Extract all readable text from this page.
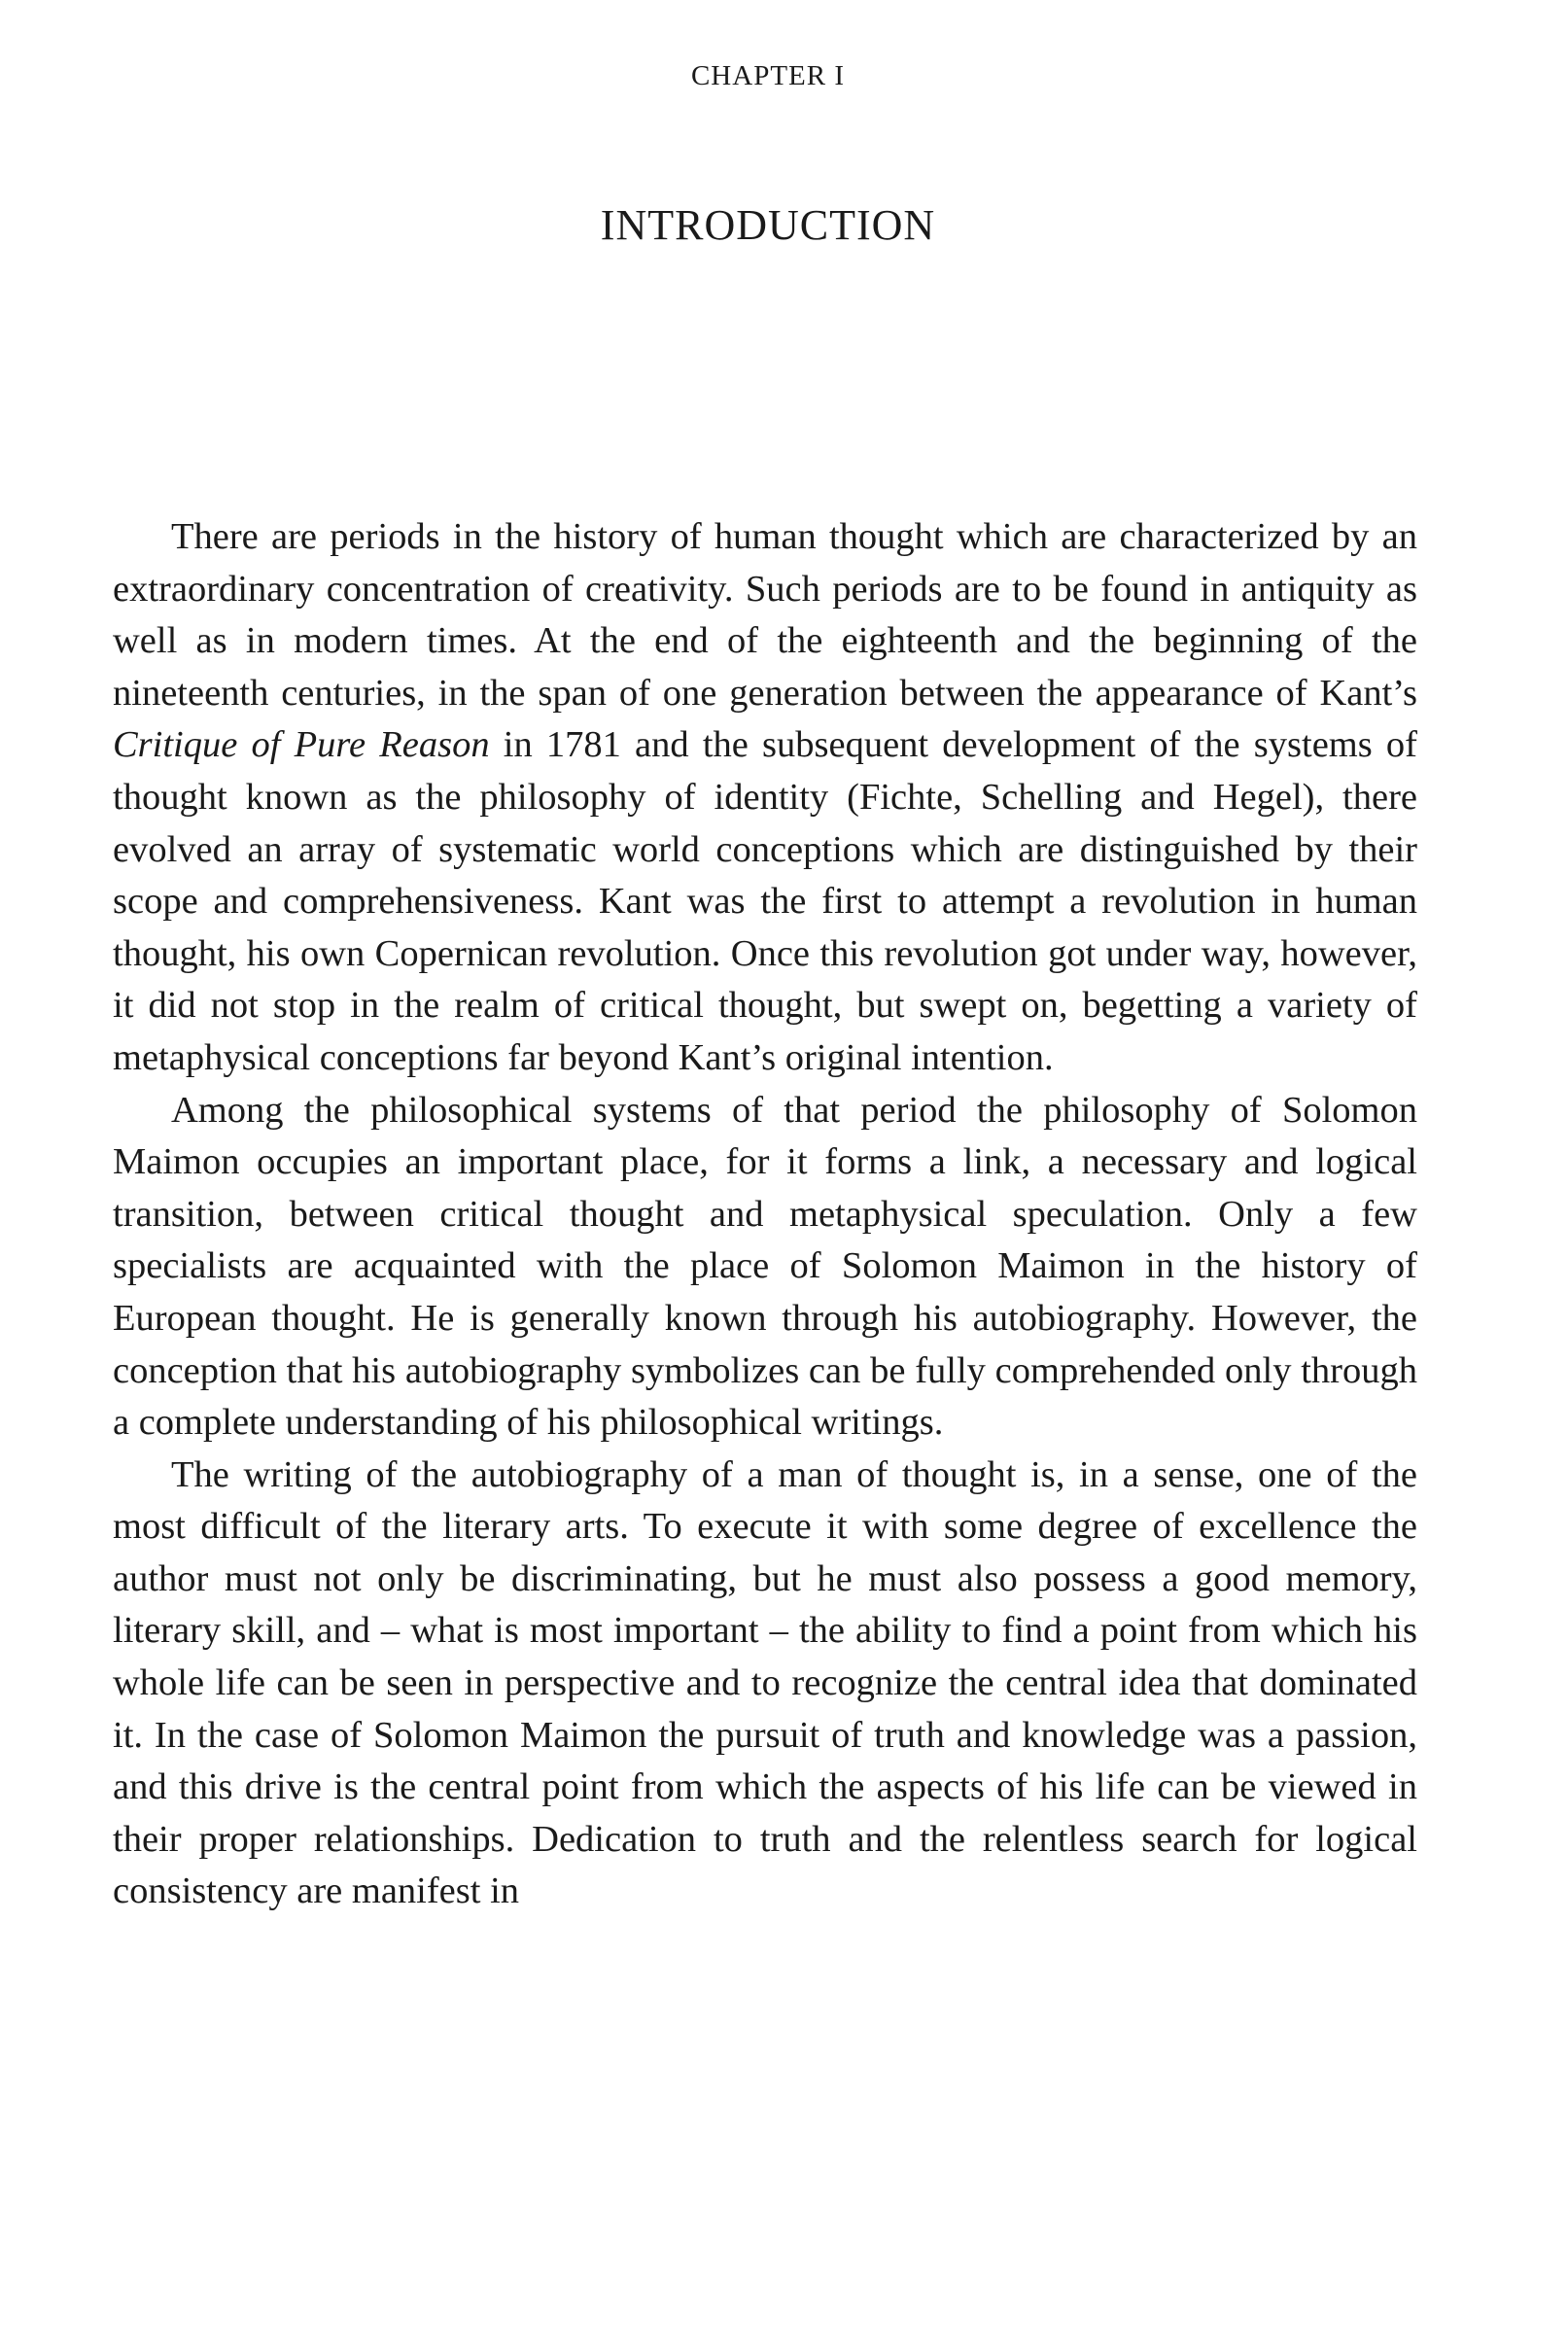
CHAPTER I
INTRODUCTION

There are periods in the history of human thought which are characterized by an extraordinary concentration of creativity. Such periods are to be found in antiquity as well as in modern times. At the end of the eighteenth and the beginning of the nineteenth centuries, in the span of one generation between the appearance of Kant’s Critique of Pure Reason in 1781 and the subsequent development of the systems of thought known as the philosophy of identity (Fichte, Schelling and Hegel), there evolved an array of systematic world conceptions which are distinguished by their scope and comprehensiveness. Kant was the first to attempt a revolution in human thought, his own Copernican revolution. Once this revolution got under way, however, it did not stop in the realm of critical thought, but swept on, begetting a variety of metaphysical conceptions far beyond Kant’s original intention.

Among the philosophical systems of that period the philosophy of Solomon Maimon occupies an important place, for it forms a link, a necessary and logical transition, between critical thought and metaphysical speculation. Only a few specialists are acquainted with the place of Solomon Maimon in the history of European thought. He is generally known through his autobiography. However, the conception that his autobiography symbolizes can be fully comprehended only through a complete understanding of his philosophical writings.

The writing of the autobiography of a man of thought is, in a sense, one of the most difficult of the literary arts. To execute it with some degree of excellence the author must not only be discriminating, but he must also possess a good memory, literary skill, and – what is most important – the ability to find a point from which his whole life can be seen in perspective and to recognize the central idea that dominated it. In the case of Solomon Maimon the pursuit of truth and knowledge was a passion, and this drive is the central point from which the aspects of his life can be viewed in their proper relationships. Dedication to truth and the relentless search for logical consistency are manifest in
